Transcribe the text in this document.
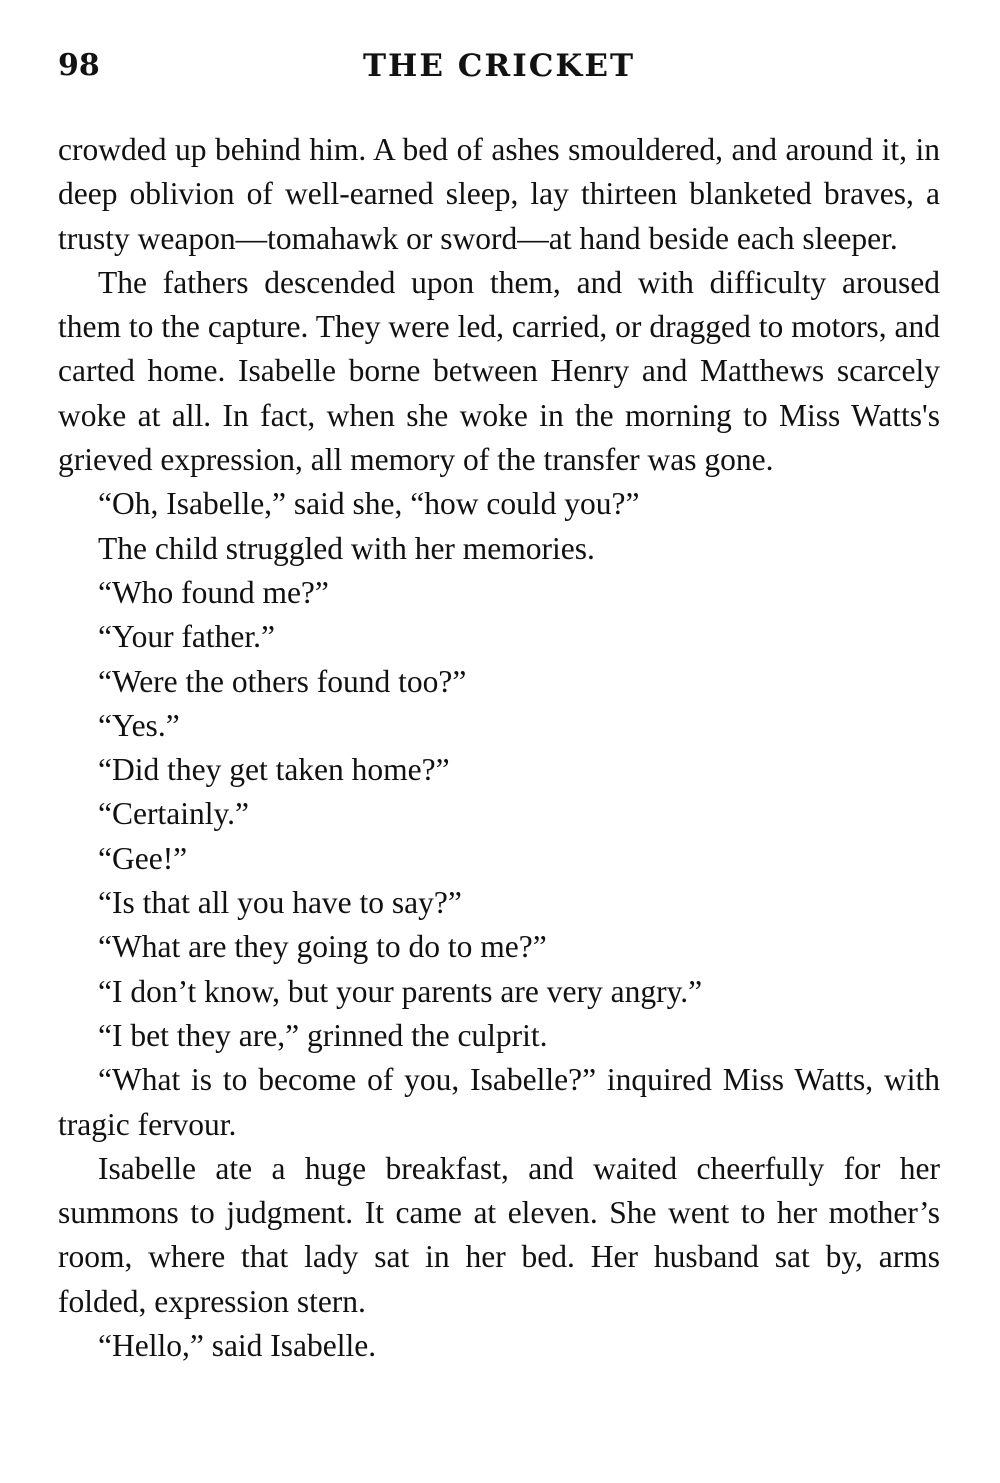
98	THE CRICKET

crowded up behind him. A bed of ashes smouldered, and around it, in deep oblivion of well-earned sleep, lay thirteen blanketed braves, a trusty weapon—tomahawk or sword—at hand beside each sleeper.

The fathers descended upon them, and with difficulty aroused them to the capture. They were led, carried, or dragged to motors, and carted home. Isabelle borne between Henry and Matthews scarcely woke at all. In fact, when she woke in the morning to Miss Watts's grieved expression, all memory of the transfer was gone.

“Oh, Isabelle,” said she, “how could you?”

The child struggled with her memories.

“Who found me?”

“Your father.”

“Were the others found too?”

“Yes.”

“Did they get taken home?”

“Certainly.”

“Gee!”

“Is that all you have to say?”

“What are they going to do to me?”

“I don’t know, but your parents are very angry.”

“I bet they are,” grinned the culprit.

“What is to become of you, Isabelle?” inquired Miss Watts, with tragic fervour.

Isabelle ate a huge breakfast, and waited cheerfully for her summons to judgment. It came at eleven. She went to her mother’s room, where that lady sat in her bed. Her husband sat by, arms folded, expression stern.

“Hello,” said Isabelle.
